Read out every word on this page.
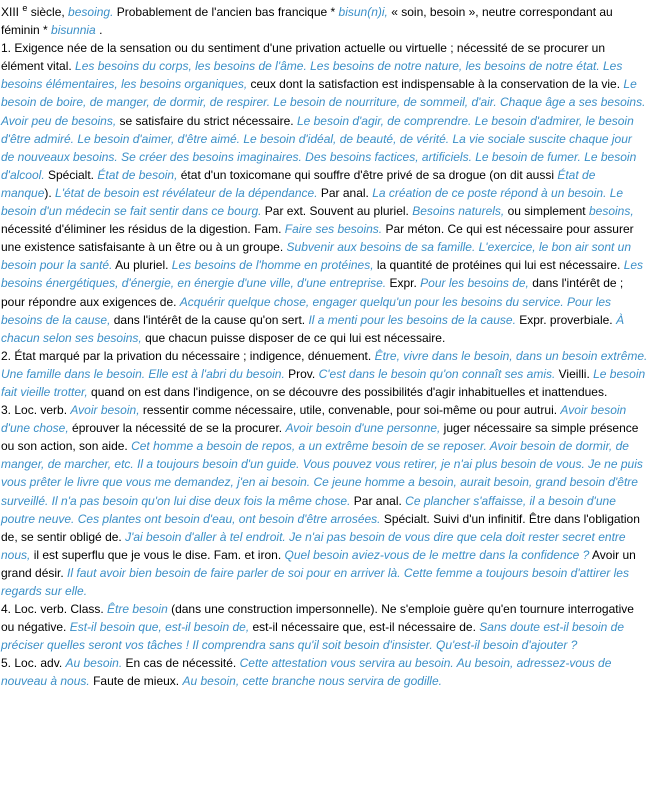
XIII $^e$ siècle, besoing. Probablement de l'ancien bas francique * bisun(n)i, « soin, besoin », neutre correspondant au féminin * bisunnia .

1. Exigence née de la sensation ou du sentiment d'une privation actuelle ou virtuelle ; nécessité de se procurer un élément vital. Les besoins du corps, les besoins de l'âme. Les besoins de notre nature, les besoins de notre état. Les besoins élémentaires, les besoins organiques, ceux dont la satisfaction est indispensable à la conservation de la vie. Le besoin de boire, de manger, de dormir, de respirer. Le besoin de nourriture, de sommeil, d'air. Chaque âge a ses besoins. Avoir peu de besoins, se satisfaire du strict nécessaire. Le besoin d'agir, de comprendre. Le besoin d'admirer, le besoin d'être admiré. Le besoin d'aimer, d'être aimé. Le besoin d'idéal, de beauté, de vérité. La vie sociale suscite chaque jour de nouveaux besoins. Se créer des besoins imaginaires. Des besoins factices, artificiels. Le besoin de fumer. Le besoin d'alcool. Spécialt. État de besoin, état d'un toxicomane qui souffre d'être privé de sa drogue (on dit aussi État de manque). L'état de besoin est révélateur de la dépendance. Par anal. La création de ce poste répond à un besoin. Le besoin d'un médecin se fait sentir dans ce bourg. Par ext. Souvent au pluriel. Besoins naturels, ou simplement besoins, nécessité d'éliminer les résidus de la digestion. Fam. Faire ses besoins. Par méton. Ce qui est nécessaire pour assurer une existence satisfaisante à un être ou à un groupe. Subvenir aux besoins de sa famille. L'exercice, le bon air sont un besoin pour la santé. Au pluriel. Les besoins de l'homme en protéines, la quantité de protéines qui lui est nécessaire. Les besoins énergétiques, d'énergie, en énergie d'une ville, d'une entreprise. Expr. Pour les besoins de, dans l'intérêt de ; pour répondre aux exigences de. Acquérir quelque chose, engager quelqu'un pour les besoins du service. Pour les besoins de la cause, dans l'intérêt de la cause qu'on sert. Il a menti pour les besoins de la cause. Expr. proverbiale. À chacun selon ses besoins, que chacun puisse disposer de ce qui lui est nécessaire.

2. État marqué par la privation du nécessaire ; indigence, dénuement. Être, vivre dans le besoin, dans un besoin extrême. Une famille dans le besoin. Elle est à l'abri du besoin. Prov. C'est dans le besoin qu'on connaît ses amis. Vieilli. Le besoin fait vieille trotter, quand on est dans l'indigence, on se découvre des possibilités d'agir inhabituelles et inattendues.

3. Loc. verb. Avoir besoin, ressentir comme nécessaire, utile, convenable, pour soi-même ou pour autrui. Avoir besoin d'une chose, éprouver la nécessité de se la procurer. Avoir besoin d'une personne, juger nécessaire sa simple présence ou son action, son aide. Cet homme a besoin de repos, a un extrême besoin de se reposer. Avoir besoin de dormir, de manger, de marcher, etc. Il a toujours besoin d'un guide. Vous pouvez vous retirer, je n'ai plus besoin de vous. Je ne puis vous prêter le livre que vous me demandez, j'en ai besoin. Ce jeune homme a besoin, aurait besoin, grand besoin d'être surveillé. Il n'a pas besoin qu'on lui dise deux fois la même chose. Par anal. Ce plancher s'affaisse, il a besoin d'une poutre neuve. Ces plantes ont besoin d'eau, ont besoin d'être arrosées. Spécialt. Suivi d'un infinitif. Être dans l'obligation de, se sentir obligé de. J'ai besoin d'aller à tel endroit. Je n'ai pas besoin de vous dire que cela doit rester secret entre nous, il est superflu que je vous le dise. Fam. et iron. Quel besoin aviez-vous de le mettre dans la confidence ? Avoir un grand désir. Il faut avoir bien besoin de faire parler de soi pour en arriver là. Cette femme a toujours besoin d'attirer les regards sur elle.

4. Loc. verb. Class. Être besoin (dans une construction impersonnelle). Ne s'emploie guère qu'en tournure interrogative ou négative. Est-il besoin que, est-il besoin de, est-il nécessaire que, est-il nécessaire de. Sans doute est-il besoin de préciser quelles seront vos tâches ! Il comprendra sans qu'il soit besoin d'insister. Qu'est-il besoin d'ajouter ?

5. Loc. adv. Au besoin. En cas de nécessité. Cette attestation vous servira au besoin. Au besoin, adressez-vous de nouveau à nous. Faute de mieux. Au besoin, cette branche nous servira de godille.
